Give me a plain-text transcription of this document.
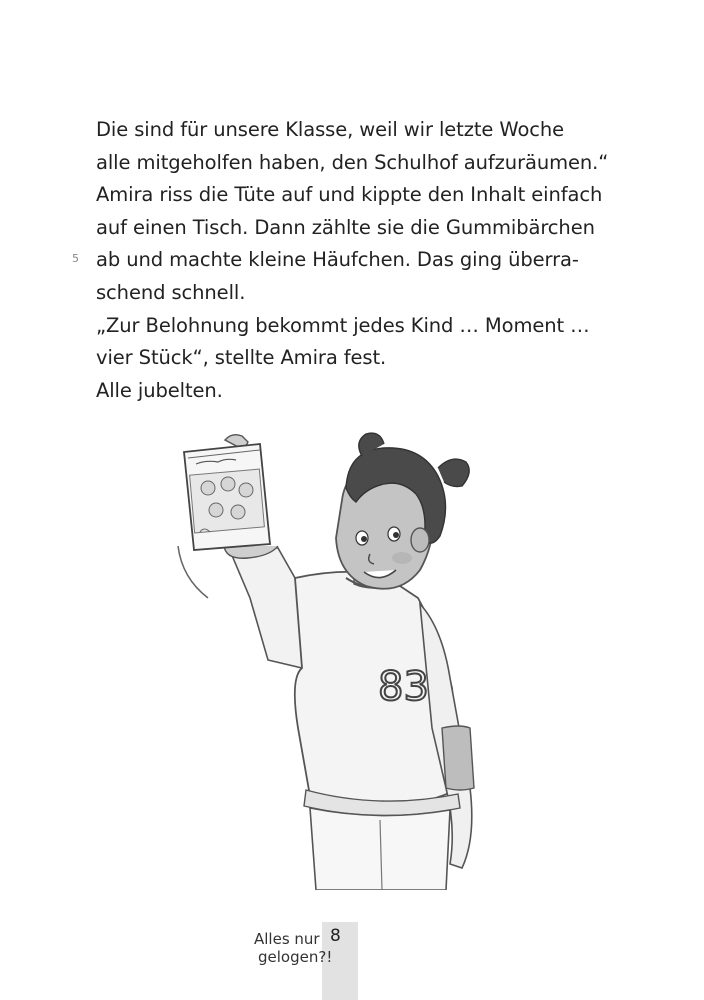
Die sind für unsere Klasse, weil wir letzte Woche
alle mitgeholfen haben, den Schulhof aufzuräumen.“
Amira riss die Tüte auf und kippte den Inhalt einfach
auf einen Tisch. Dann zählte sie die Gummibärchen
ab und machte kleine Häufchen. Das ging überra-
schend schnell.
„Zur Belohnung bekommt jedes Kind … Moment …
vier Stück“, stellte Amira fest.
Alle jubelten.
5
83
8
Alles nur
gelogen?!
